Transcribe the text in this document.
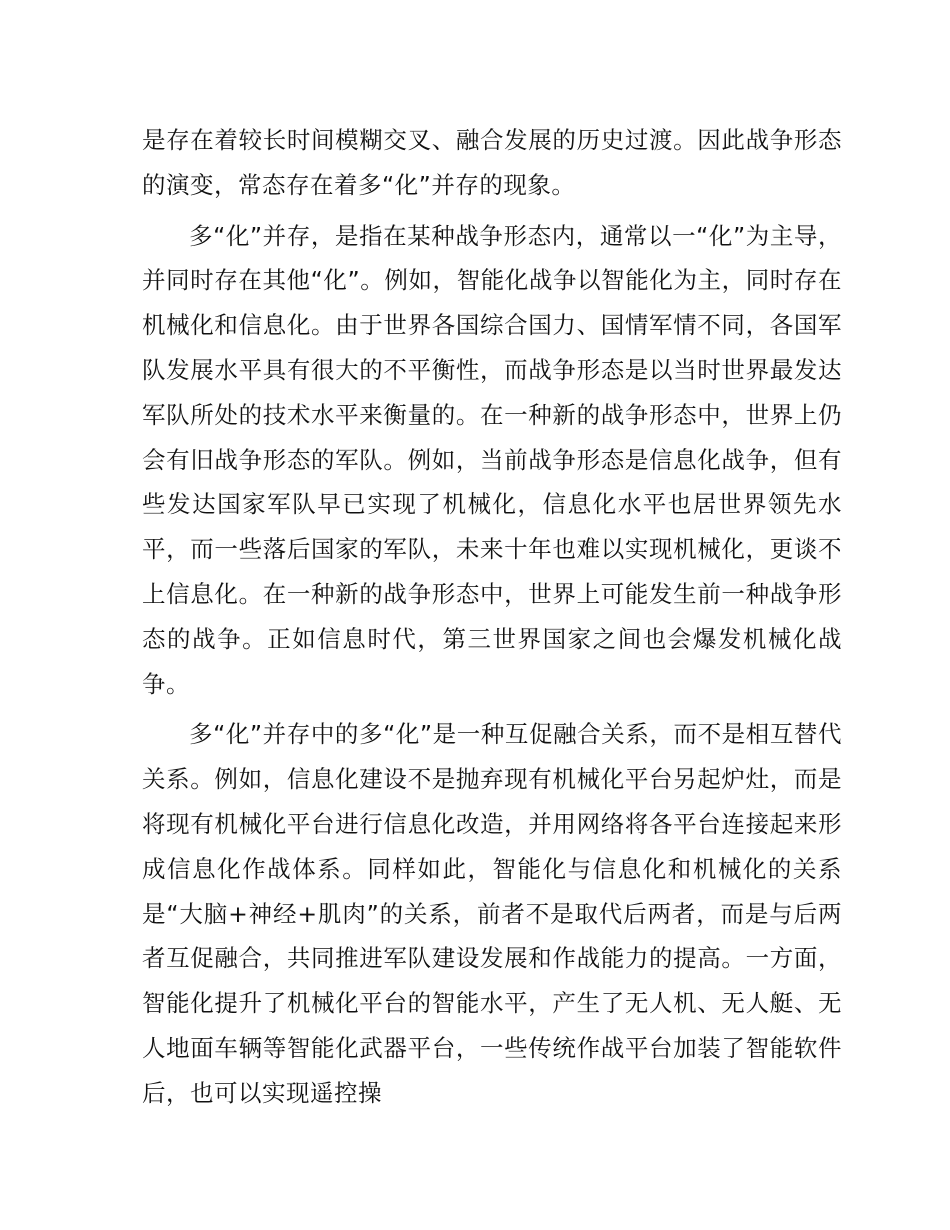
是存在着较长时间模糊交叉、融合发展的历史过渡。因此战争形态的演变，常态存在着多“化”并存的现象。

多“化”并存，是指在某种战争形态内，通常以一“化”为主导，并同时存在其他“化”。例如，智能化战争以智能化为主，同时存在机械化和信息化。由于世界各国综合国力、国情军情不同，各国军队发展水平具有很大的不平衡性，而战争形态是以当时世界最发达军队所处的技术水平来衡量的。在一种新的战争形态中，世界上仍会有旧战争形态的军队。例如，当前战争形态是信息化战争，但有些发达国家军队早已实现了机械化，信息化水平也居世界领先水平，而一些落后国家的军队，未来十年也难以实现机械化，更谈不上信息化。在一种新的战争形态中，世界上可能发生前一种战争形态的战争。正如信息时代，第三世界国家之间也会爆发机械化战争。

多“化”并存中的多“化”是一种互促融合关系，而不是相互替代关系。例如，信息化建设不是抛弃现有机械化平台另起炉灶，而是将现有机械化平台进行信息化改造，并用网络将各平台连接起来形成信息化作战体系。同样如此，智能化与信息化和机械化的关系是“大脑+神经+肌肉”的关系，前者不是取代后两者，而是与后两者互促融合，共同推进军队建设发展和作战能力的提高。一方面，智能化提升了机械化平台的智能水平，产生了无人机、无人艇、无人地面车辆等智能化武器平台，一些传统作战平台加装了智能软件后，也可以实现遥控操
